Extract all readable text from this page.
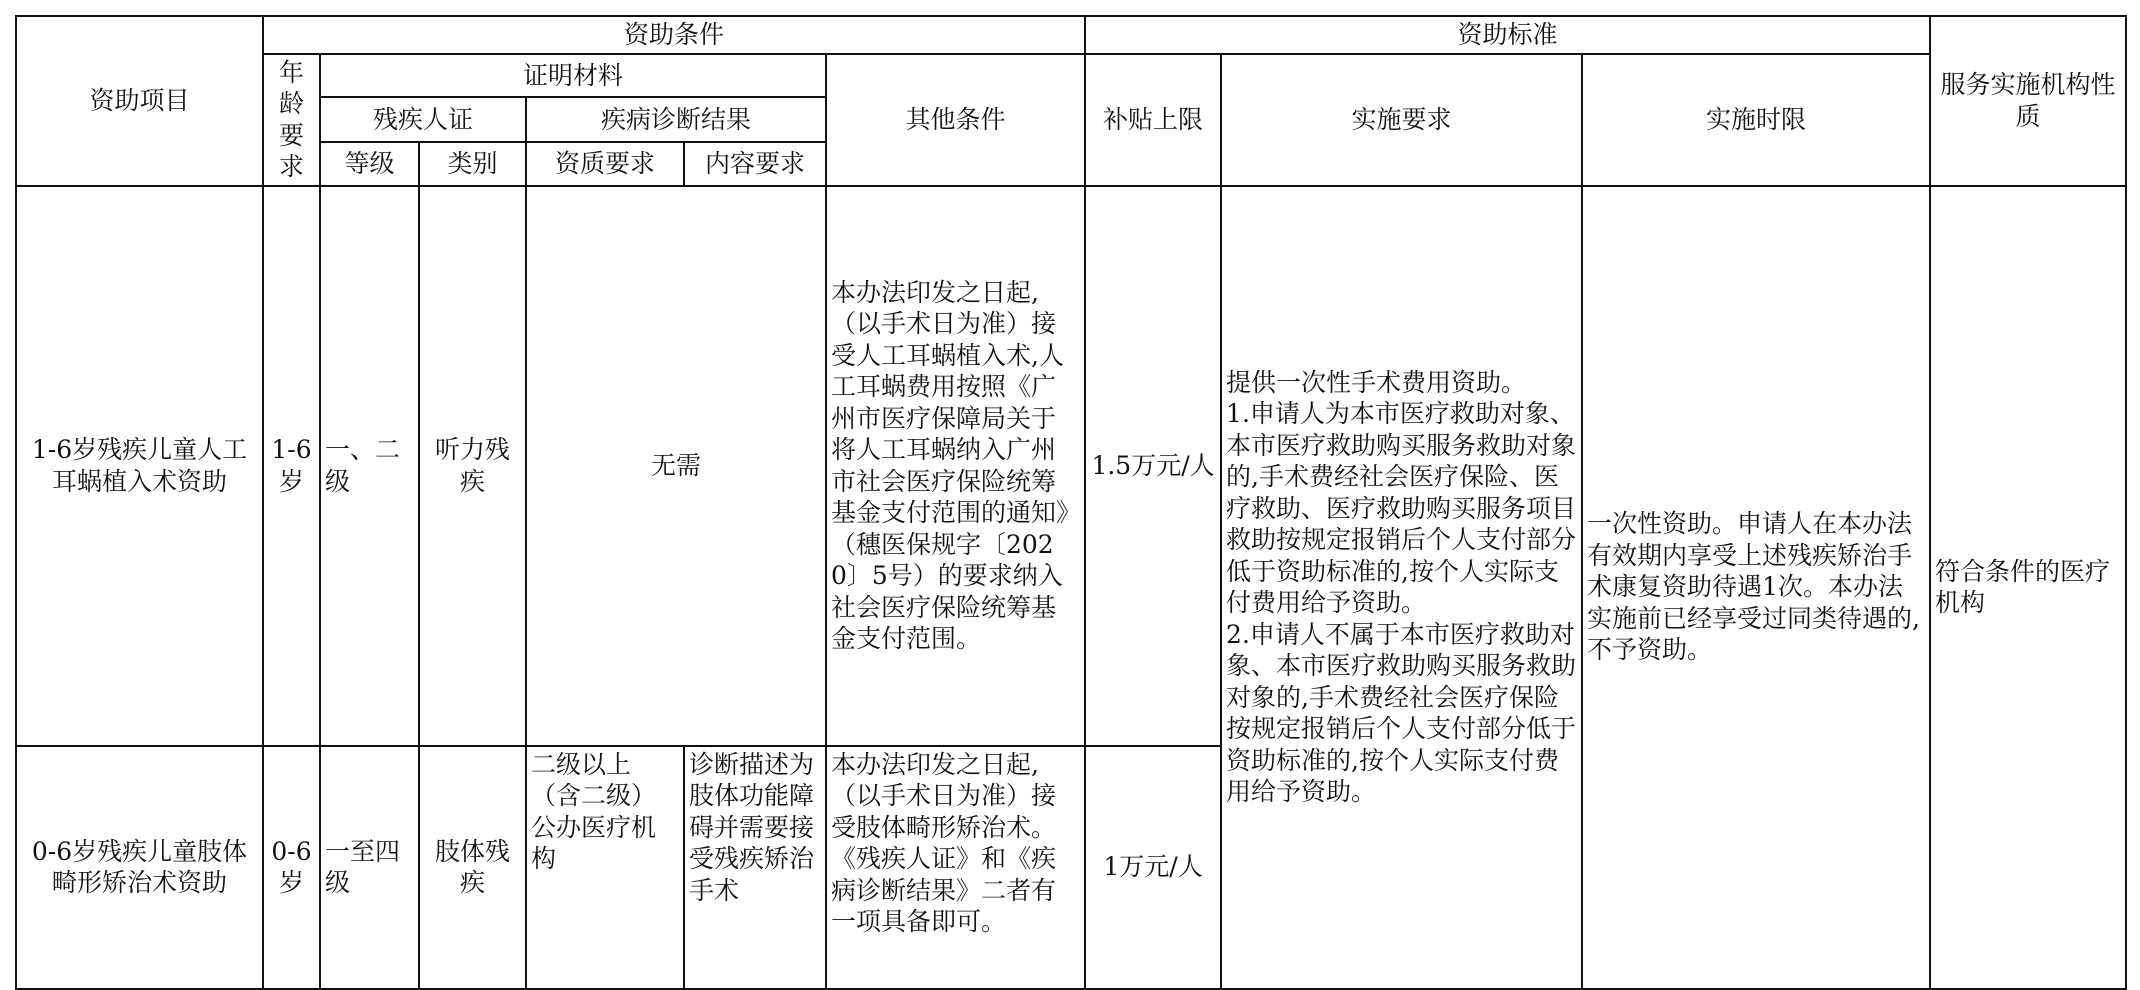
资助项目	资助条件						资助标准			服务实施机构性质
	年龄要求	证明材料				其他条件	补贴上限	实施要求	实施时限	
		残疾人证		疾病诊断结果						
		等级	类别	资质要求	内容要求					
1-6岁残疾儿童人工耳蜗植入术资助	1-6岁	一、二级	听力残疾	无需		本办法印发之日起,（以手术日为准）接受人工耳蜗植入术,人工耳蜗费用按照《广州市医疗保障局关于将人工耳蜗纳入广州市社会医疗保险统筹基金支付范围的通知》（穗医保规字〔2020〕5号）的要求纳入社会医疗保险统筹基金支付范围。	1.5万元/人	提供一次性手术费用资助。
1.申请人为本市医疗救助对象、本市医疗救助购买服务救助对象的,手术费经社会医疗保险、医疗救助、医疗救助购买服务项目救助按规定报销后个人支付部分低于资助标准的,按个人实际支付费用给予资助。
2.申请人不属于本市医疗救助对象、本市医疗救助购买服务救助对象的,手术费经社会医疗保险按规定报销后个人支付部分低于资助标准的,按个人实际支付费用给予资助。	一次性资助。申请人在本办法有效期内享受上述残疾矫治手术康复资助待遇1次。本办法实施前已经享受过同类待遇的,不予资助。	符合条件的医疗机构
0-6岁残疾儿童肢体畸形矫治术资助	0-6岁	一至四级	肢体残疾	二级以上（含二级）公办医疗机构	诊断描述为肢体功能障碍并需要接受残疾矫治手术	本办法印发之日起,（以手术日为准）接受肢体畸形矫治术。《残疾人证》和《疾病诊断结果》二者有一项具备即可。	1万元/人			
